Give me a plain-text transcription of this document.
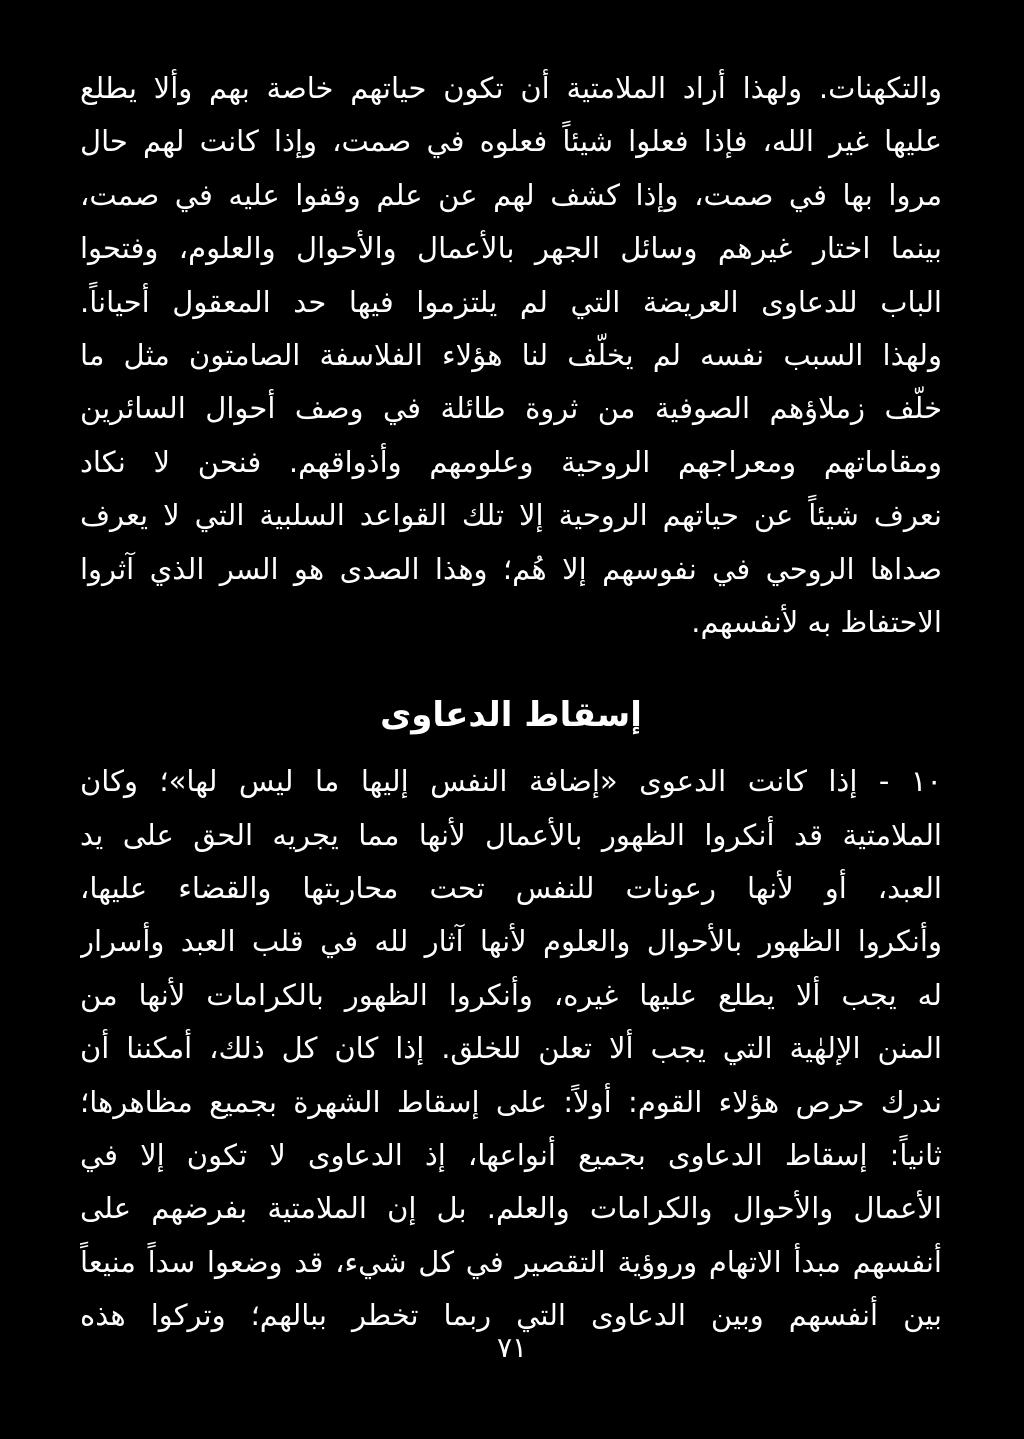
والتكهنات. ولهذا أراد الملامتية أن تكون حياتهم خاصة بهم وألا يطلع
عليها غير الله، فإذا فعلوا شيئاً فعلوه في صمت، وإذا كانت لهم حال
مروا بها في صمت، وإذا كشف لهم عن علم وقفوا عليه في صمت،
بينما اختار غيرهم وسائل الجهر بالأعمال والأحوال والعلوم، وفتحوا
الباب للدعاوى العريضة التي لم يلتزموا فيها حد المعقول أحياناً.
ولهذا السبب نفسه لم يخلّف لنا هؤلاء الفلاسفة الصامتون مثل ما
خلّف زملاؤهم الصوفية من ثروة طائلة في وصف أحوال السائرين
ومقاماتهم ومعراجهم الروحية وعلومهم وأذواقهم. فنحن لا نكاد
نعرف شيئاً عن حياتهم الروحية إلا تلك القواعد السلبية التي لا يعرف
صداها الروحي في نفوسهم إلا هُم؛ وهذا الصدى هو السر الذي آثروا
الاحتفاظ به لأنفسهم.
إسقاط الدعاوى
١٠ - إذا كانت الدعوى «إضافة النفس إليها ما ليس لها»؛ وكان
الملامتية قد أنكروا الظهور بالأعمال لأنها مما يجريه الحق على يد
العبد، أو لأنها رعونات للنفس تحت محاربتها والقضاء عليها،
وأنكروا الظهور بالأحوال والعلوم لأنها آثار لله في قلب العبد وأسرار
له يجب ألا يطلع عليها غيره، وأنكروا الظهور بالكرامات لأنها من
المنن الإلهٰية التي يجب ألا تعلن للخلق. إذا كان كل ذلك، أمكننا أن
ندرك حرص هؤلاء القوم: أولاً: على إسقاط الشهرة بجميع مظاهرها؛
ثانياً: إسقاط الدعاوى بجميع أنواعها، إذ الدعاوى لا تكون إلا في
الأعمال والأحوال والكرامات والعلم. بل إن الملامتية بفرضهم على
أنفسهم مبدأ الاتهام وروؤية التقصير في كل شيء، قد وضعوا سداً منيعاً
بين أنفسهم وبين الدعاوى التي ربما تخطر ببالهم؛ وتركوا هذه
٧١
